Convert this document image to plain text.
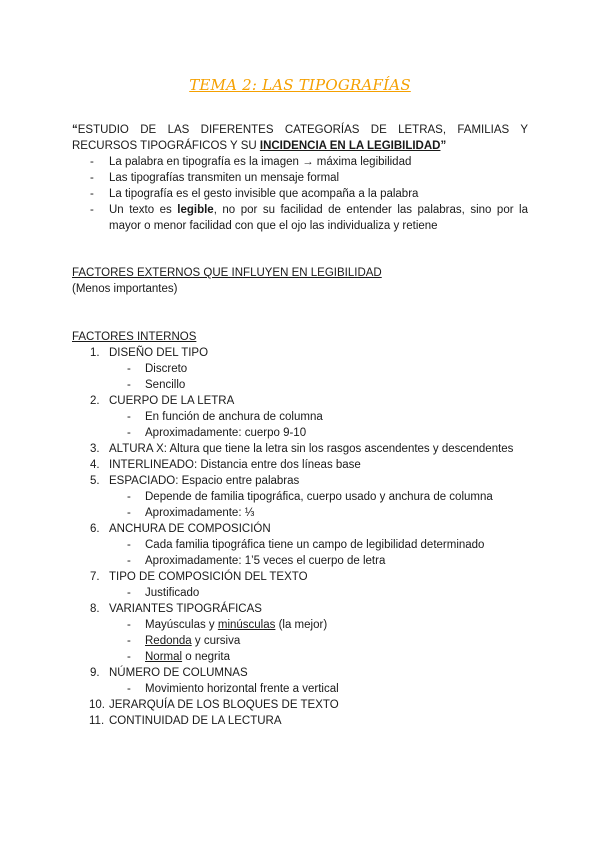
TEMA 2: LAS TIPOGRAFÍAS
“ESTUDIO DE LAS DIFERENTES CATEGORÍAS DE LETRAS, FAMILIAS Y RECURSOS TIPOGRÁFICOS Y SU INCIDENCIA EN LA LEGIBILIDAD”
- La palabra en tipografía es la imagen → máxima legibilidad
- Las tipografías transmiten un mensaje formal
- La tipografía es el gesto invisible que acompaña a la palabra
- Un texto es legible, no por su facilidad de entender las palabras, sino por la mayor o menor facilidad con que el ojo las individualiza y retiene
FACTORES EXTERNOS QUE INFLUYEN EN LEGIBILIDAD
(Menos importantes)
FACTORES INTERNOS
1. DISEÑO DEL TIPO
- Discreto
- Sencillo
2. CUERPO DE LA LETRA
- En función de anchura de columna
- Aproximadamente: cuerpo 9-10
3. ALTURA X: Altura que tiene la letra sin los rasgos ascendentes y descendentes
4. INTERLINEADO: Distancia entre dos líneas base
5. ESPACIADO: Espacio entre palabras
- Depende de familia tipográfica, cuerpo usado y anchura de columna
- Aproximadamente: ⅓
6. ANCHURA DE COMPOSICIÓN
- Cada familia tipográfica tiene un campo de legibilidad determinado
- Aproximadamente: 1’5 veces el cuerpo de letra
7. TIPO DE COMPOSICIÓN DEL TEXTO
- Justificado
8. VARIANTES TIPOGRÁFICAS
- Mayúsculas y minúsculas (la mejor)
- Redonda y cursiva
- Normal o negrita
9. NÚMERO DE COLUMNAS
- Movimiento horizontal frente a vertical
10. JERARQUÍA DE LOS BLOQUES DE TEXTO
11. CONTINUIDAD DE LA LECTURA
